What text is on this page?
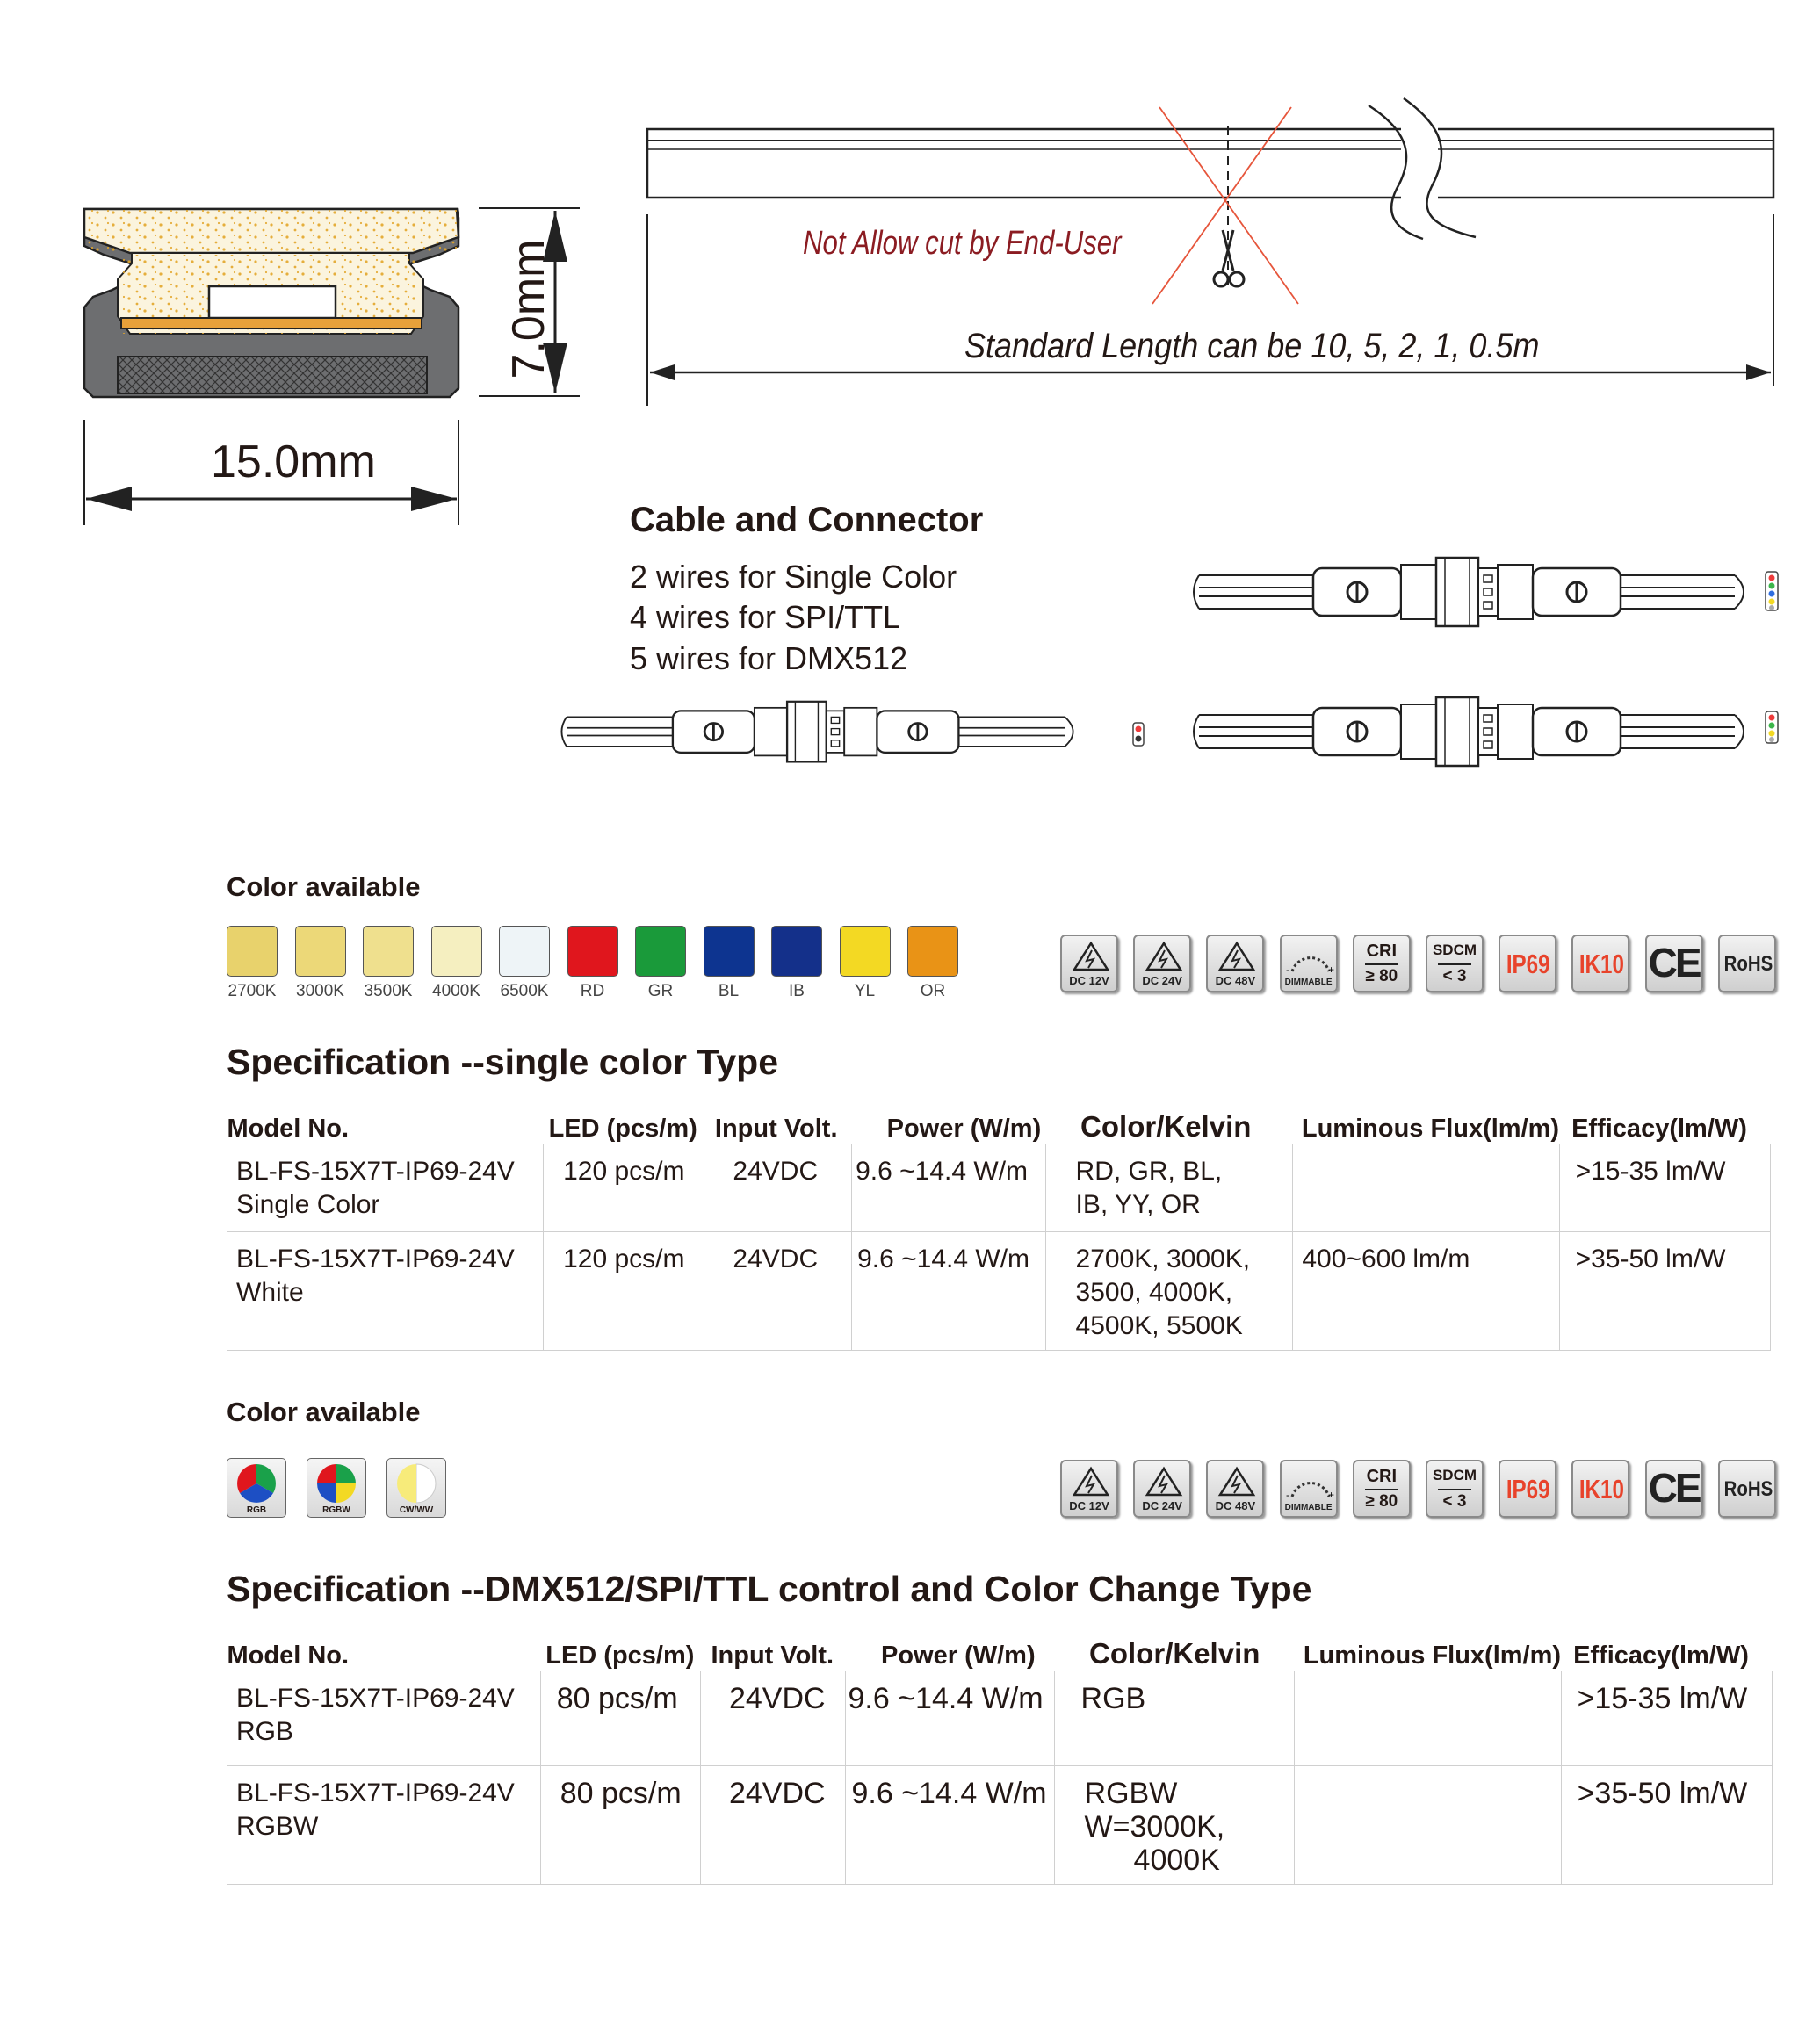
7.0mm
15.0mm
Not Allow cut by End-User
Standard Length can be 10, 5, 2, 1, 0.5m
Cable and Connector
2 wires for Single Color
4 wires for SPI/TTL
5 wires for DMX512
Color available
2700K	3000K	3500K	4000K	6500K	RD	GR	BL	IB	YL	OR
DC 12V	DC 24V	DC 48V
+
-
DIMMABLE
CRI
≥ 80
SDCM
< 3	IP69 IK10 CE RoHS
Specification --single color Type
Model No.	LED (pcs/m)	Input Volt.	Power (W/m)	Color/Kelvin	Luminous Flux(lm/m)	Efficacy(lm/W)
BL-FS-15X7T-IP69-24V
Single Color	120 pcs/m	24VDC	9.6 ~14.4 W/m	RD, GR, BL,
IB, YY, OR		>15-35 lm/W
BL-FS-15X7T-IP69-24V
White	120 pcs/m	24VDC	9.6 ~14.4 W/m	2700K, 3000K,
3500, 4000K,
4500K, 5500K	400~600 lm/m	>35-50 lm/W
Color available
RGB	RGBW	CW/WW	DC 12V	DC 24V	DC 48V
+
-
DIMMABLE
CRI
≥ 80
SDCM
< 3	IP69 IK10 CE RoHS
Specification --DMX512/SPI/TTL control and Color Change Type
Model No.	LED (pcs/m)	Input Volt.	Power (W/m)	Color/Kelvin	Luminous Flux(lm/m)	Efficacy(lm/W)
BL-FS-15X7T-IP69-24V
RGB	80 pcs/m	24VDC	9.6 ~14.4 W/m	RGB		>15-35 lm/W
BL-FS-15X7T-IP69-24V
RGBW	80 pcs/m	24VDC	9.6 ~14.4 W/m	RGBW
W=3000K,
4000K		>35-50 lm/W
